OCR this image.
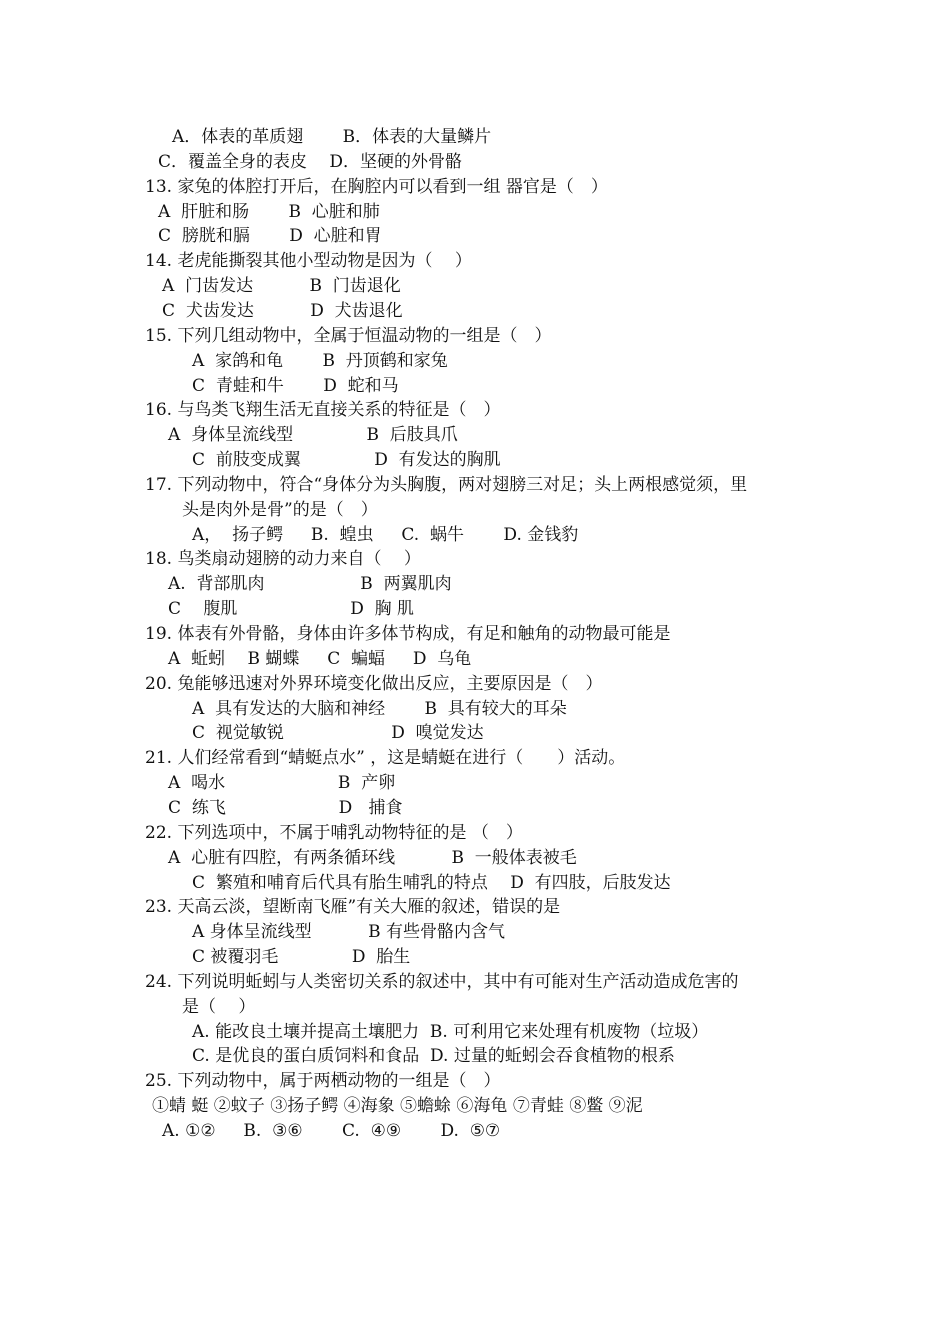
A．体表的革质翅 　　B．体表的大量鳞片
C．覆盖全身的表皮 　D．坚硬的外骨骼
13. 家兔的体腔打开后，在胸腔内可以看到一组 器官是（　）
A  肝脏和肠 　　B  心脏和肺
C  膀胱和膈 　　D  心脏和胃
14. 老虎能撕裂其他小型动物是因为（　 ）
A  门齿发达 　　　B  门齿退化
C  犬齿发达 　　　D  犬齿退化
15. 下列几组动物中，全属于恒温动物的一组是（　）
A  家鸽和龟 　　B  丹顶鹤和家兔
C  青蛙和牛 　　D  蛇和马
16. 与鸟类飞翔生活无直接关系的特征是（　）
A  身体呈流线型 　　　　B  后肢具爪
C  前肢变成翼 　　　　D  有发达的胸肌
17. 下列动物中，符合“身体分为头胸腹，两对翅膀三对足；头上两根感觉须，里
头是肉外是骨”的是（　）
A，  扬子鳄 　 B.  蝗虫 　 C.  蜗牛 　　D. 金钱豹
18. 鸟类扇动翅膀的动力来自（　 ）
A.  背部肌肉 　　　　　 B  两翼肌肉
C 　腹肌 　　　　　　 D  胸 肌
19. 体表有外骨骼，身体由许多体节构成，有足和触角的动物最可能是
A  蚯蚓 　B 蝴蝶 　 C  蝙蝠 　 D  乌龟
20. 兔能够迅速对外界环境变化做出反应，主要原因是（　）
A  具有发达的大脑和神经 　　B  具有较大的耳朵
C  视觉敏锐 　　　　　　D  嗅觉发达
21. 人们经常看到“蜻蜓点水” ，这是蜻蜓在进行（　　）活动。
A  喝水 　　　　　　 B  产卵
C  练飞 　　　　　　 D   捕食
22. 下列选项中，不属于哺乳动物特征的是 （　）
A  心脏有四腔，有两条循环线 　　　B  一般体表被毛
C  繁殖和哺育后代具有胎生哺乳的特点 　D  有四肢，后肢发达
23. 天高云淡，望断南飞雁”有关大雁的叙述，错误的是
A 身体呈流线型 　　　B 有些骨骼内含气
C 被覆羽毛 　　　　D  胎生
24. 下列说明蚯蚓与人类密切关系的叙述中，其中有可能对生产活动造成危害的
是（　 ）
A. 能改良土壤并提高土壤肥力  B. 可利用它来处理有机废物（垃圾）
C. 是优良的蛋白质饲料和食品  D. 过量的蚯蚓会吞食植物的根系
25. 下列动物中，属于两栖动物的一组是（　）
①蜻 蜓 ②蚊子 ③扬子鳄 ④海象 ⑤蟾蜍 ⑥海龟 ⑦青蛙 ⑧鳖 ⑨泥
A. ①② 　 B.  ③⑥ 　　C.  ④⑨ 　　D.  ⑤⑦
